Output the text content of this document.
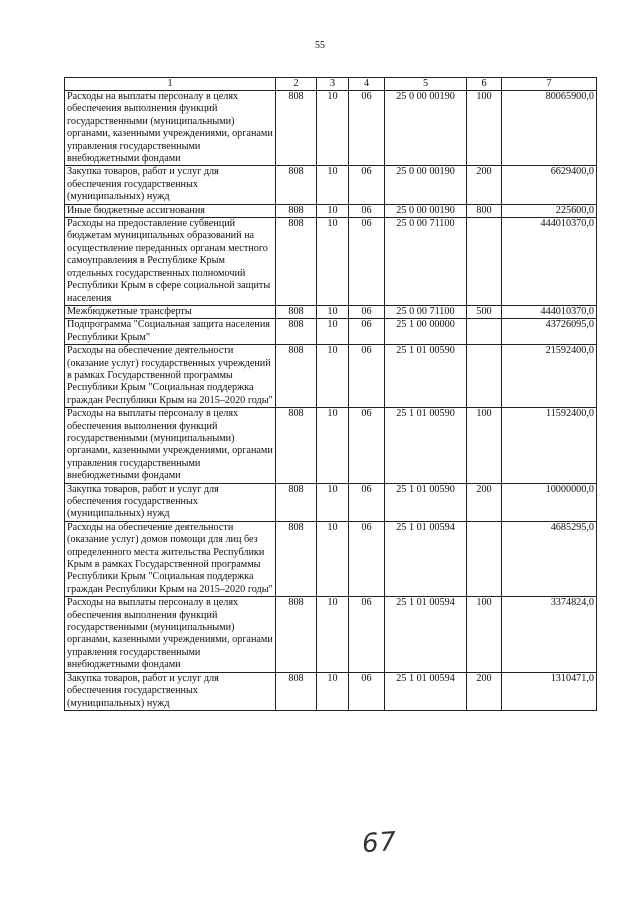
55
1	2	3	4	5	6	7
Расходы на выплаты персоналу в целях обеспечения выполнения функций государственными (муниципальными) органами, казенными учреждениями, органами управления государственными внебюджетными фондами	808	10	06	25 0 00 00190	100	80065900,0
Закупка товаров, работ и услуг для обеспечения государственных (муниципальных) нужд	808	10	06	25 0 00 00190	200	6629400,0
Иные бюджетные ассигнования	808	10	06	25 0 00 00190	800	225600,0
Расходы на предоставление субвенций бюджетам муниципальных образований на осуществление переданных органам местного самоуправления в Республике Крым отдельных государственных полномочий Республики Крым в сфере социальной защиты населения	808	10	06	25 0 00 71100		444010370,0
Межбюджетные трансферты	808	10	06	25 0 00 71100	500	444010370,0
Подпрограмма "Социальная защита населения Республики Крым"	808	10	06	25 1 00 00000		43726095,0
Расходы на обеспечение деятельности (оказание услуг) государственных учреждений в рамках Государственной программы Республики Крым "Социальная поддержка граждан Республики Крым на 2015–2020 годы"	808	10	06	25 1 01 00590		21592400,0
Расходы на выплаты персоналу в целях обеспечения выполнения функций государственными (муниципальными) органами, казенными учреждениями, органами управления государственными внебюджетными фондами	808	10	06	25 1 01 00590	100	11592400,0
Закупка товаров, работ и услуг для обеспечения государственных (муниципальных) нужд	808	10	06	25 1 01 00590	200	10000000,0
Расходы на обеспечение деятельности (оказание услуг) домов помощи для лиц без определенного места жительства Республики Крым в рамках Государственной программы Республики Крым "Социальная поддержка граждан Республики Крым на 2015–2020 годы"	808	10	06	25 1 01 00594		4685295,0
Расходы на выплаты персоналу в целях обеспечения выполнения функций государственными (муниципальными) органами, казенными учреждениями, органами управления государственными внебюджетными фондами	808	10	06	25 1 01 00594	100	3374824,0
Закупка товаров, работ и услуг для обеспечения государственных (муниципальных) нужд	808	10	06	25 1 01 00594	200	1310471,0
67
